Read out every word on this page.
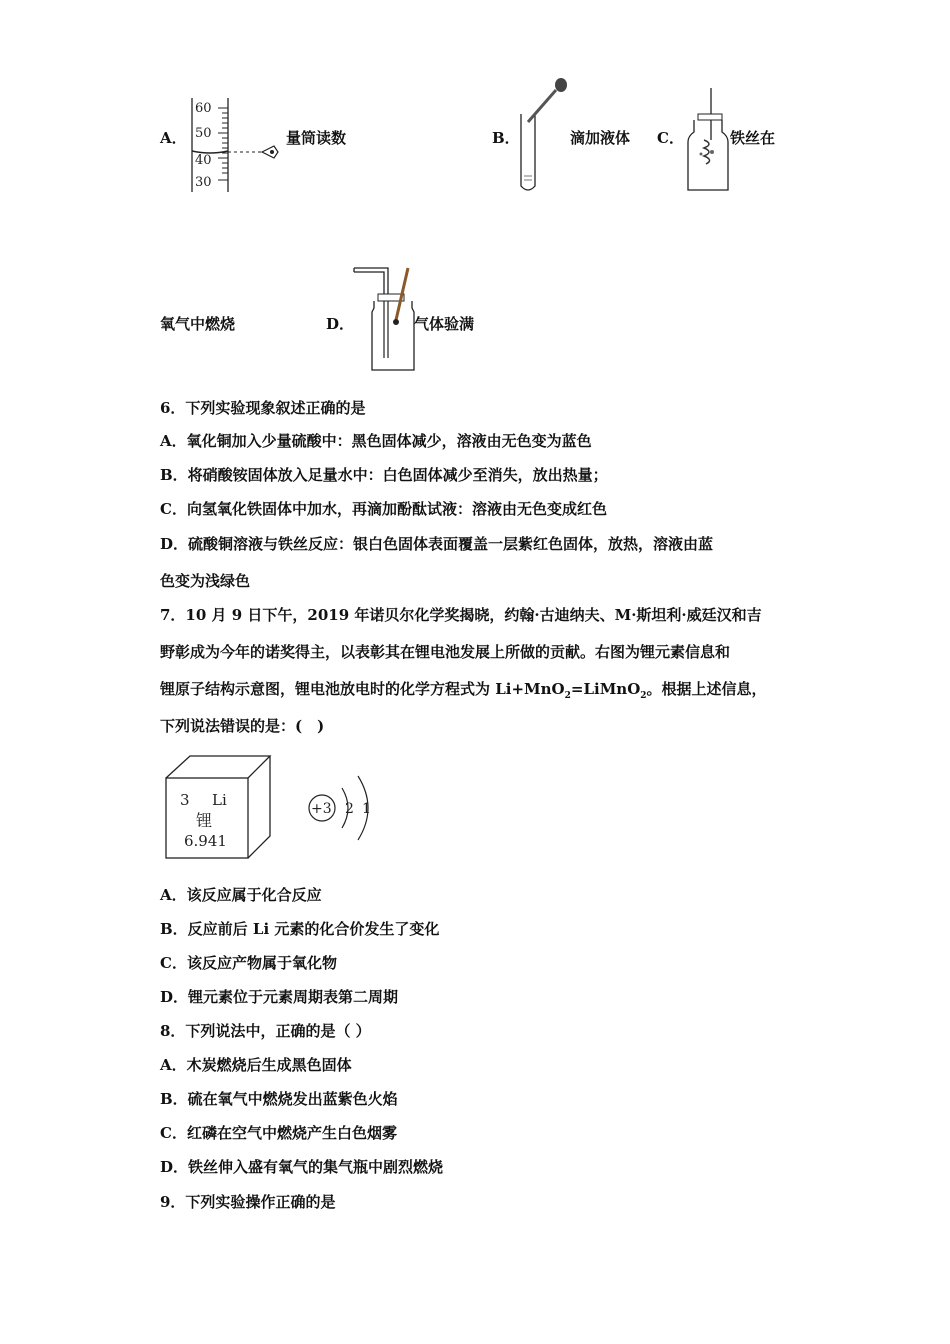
A．
60
50
40
30
量筒读数	B．	滴加液体 C．	铁丝在
氧气中燃烧	D．	气体验满
6．下列实验现象叙述正确的是
A．氧化铜加入少量硫酸中：黑色固体减少，溶液由无色变为蓝色
B．将硝酸铵固体放入足量水中：白色固体减少至消失，放出热量；
C．向氢氧化铁固体中加水，再滴加酚酞试液：溶液由无色变成红色
D．硫酸铜溶液与铁丝反应：银白色固体表面覆盖一层紫红色固体，放热，溶液由蓝
色变为浅绿色
7．10 月 9 日下午，2019 年诺贝尔化学奖揭晓，约翰·古迪纳夫、M·斯坦利·威廷汉和吉
野彰成为今年的诺奖得主，以表彰其在锂电池发展上所做的贡献。右图为锂元素信息和
锂原子结构示意图，锂电池放电时的化学方程式为 Li+MnO$_2$=LiMnO$_2$。根据上述信息，
下列说法错误的是：(　)
3 Li
锂
6.941
+3 2 1
A．该反应属于化合反应
B．反应前后 Li 元素的化合价发生了变化
C．该反应产物属于氧化物
D．锂元素位于元素周期表第二周期
8．下列说法中，正确的是（ ）
A．木炭燃烧后生成黑色固体
B．硫在氧气中燃烧发出蓝紫色火焰
C．红磷在空气中燃烧产生白色烟雾
D．铁丝伸入盛有氧气的集气瓶中剧烈燃烧
9．下列实验操作正确的是
